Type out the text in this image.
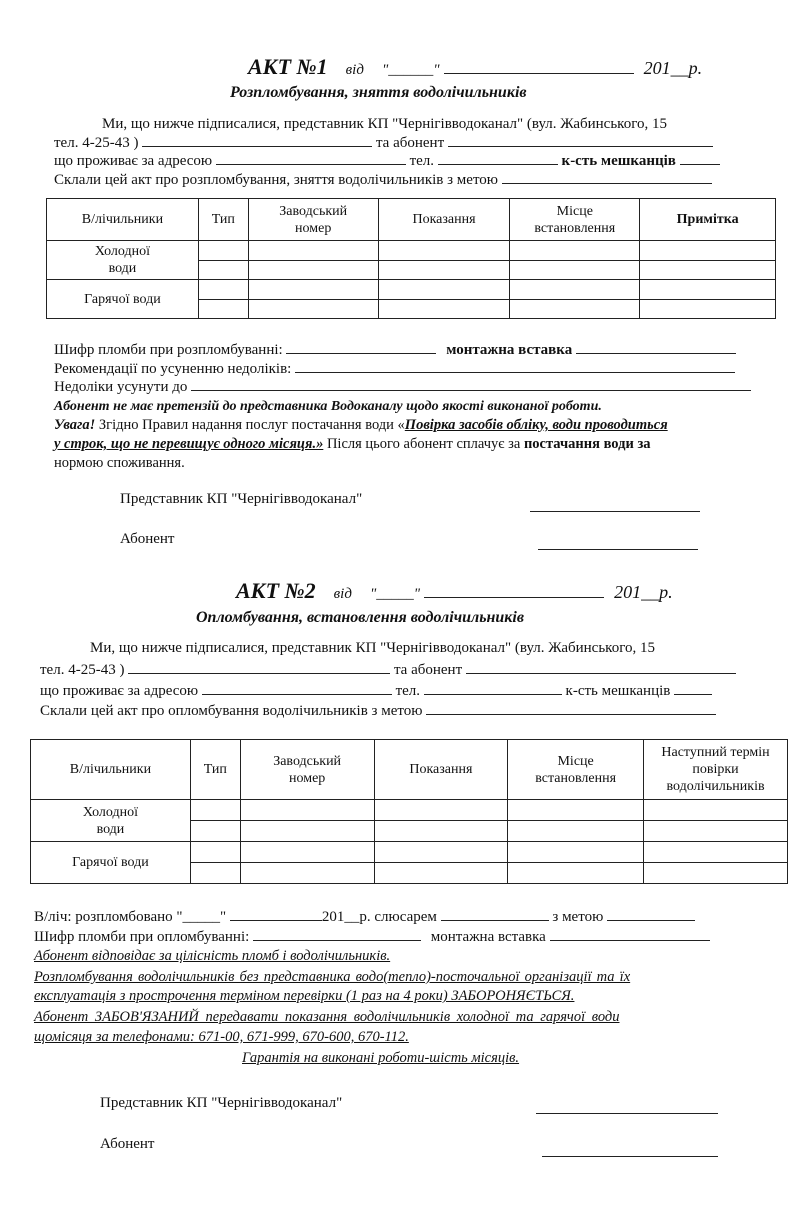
АКТ №1 від "______"	201__р.
Розпломбування, зняття водолічильників
Ми, що нижче підписалися, представник КП "Чернігівводоканал" (вул. Жабинського, 15
тел. 4-25-43 )	та абонент
що проживає за адресою	тел.	к-сть мешканців
Склали цей акт про розпломбування, зняття водолічильників з метою
В/лічильники	Тип	Заводський номер	Показання	Місце встановлення	Примітка
Холодної води					

Гарячої води					

Шифр пломби при розпломбуванні:	монтажна вставка
Рекомендації по усуненню недоліків:
Недоліки усунути до
Абонент не має претензій до представника Водоканалу щодо якості виконаної роботи.
Увага! Згідно Правил надання послуг постачання води «Повірка засобів обліку, води проводиться
у строк, що не перевищує одного місяця.» Після цього абонент сплачує за постачання води за
нормою споживання.
Представник КП "Чернігівводоканал"
Абонент
АКТ №2 від "_____"	201__р.
Опломбування, встановлення водолічильників
Ми, що нижче підписалися, представник КП "Чернігівводоканал" (вул. Жабинського, 15
тел. 4-25-43 )	та абонент
що проживає за адресою	тел.	к-сть мешканців
Склали цей акт про опломбування водолічильників з метою
В/лічильники	Тип	Заводський номер	Показання	Місце встановлення	Наступний термін повірки водолічильників
Холодної води					

Гарячої води					

В/ліч: розпломбовано "_____"	201__р. слюсарем	з метою
Шифр пломби при опломбуванні:	монтажна вставка
Абонент відповідає за цілісність пломб і водолічильників.
Розпломбування водолічильників без представника водо(тепло)-посточальної організації та їх
експлуатація з прострочення терміном перевірки (1 раз на 4 роки) ЗАБОРОНЯЄТЬСЯ.
Абонент ЗАБОВ'ЯЗАНИЙ передавати показання водолічильників холодної та гарячої води
щомісяця за телефонами: 671-00, 671-999, 670-600, 670-112.
Гарантія на виконані роботи-шість місяців.
Представник КП "Чернігівводоканал"
Абонент
